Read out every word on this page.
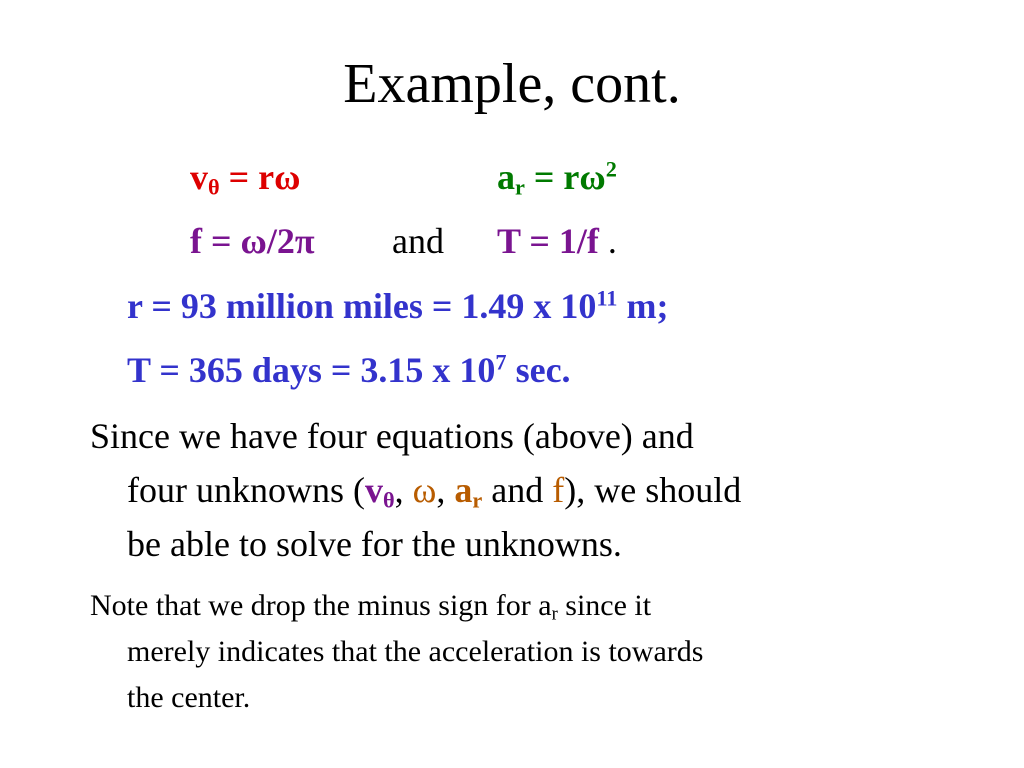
Example, cont.
$v_\theta = r\omega$	$a_r = r\omega^2$
f = ω/2π and T = 1/f .
r = 93 million miles = 1.49 x $10^{11}$ m;
T = 365 days = 3.15 x $10^7$ sec.
Since we have four equations (above) and
four unknowns ($v_\theta$, ω, $a_r$ and f), we should
be able to solve for the unknowns.
Note that we drop the minus sign for $a_r$ since it
merely indicates that the acceleration is towards
the center.
